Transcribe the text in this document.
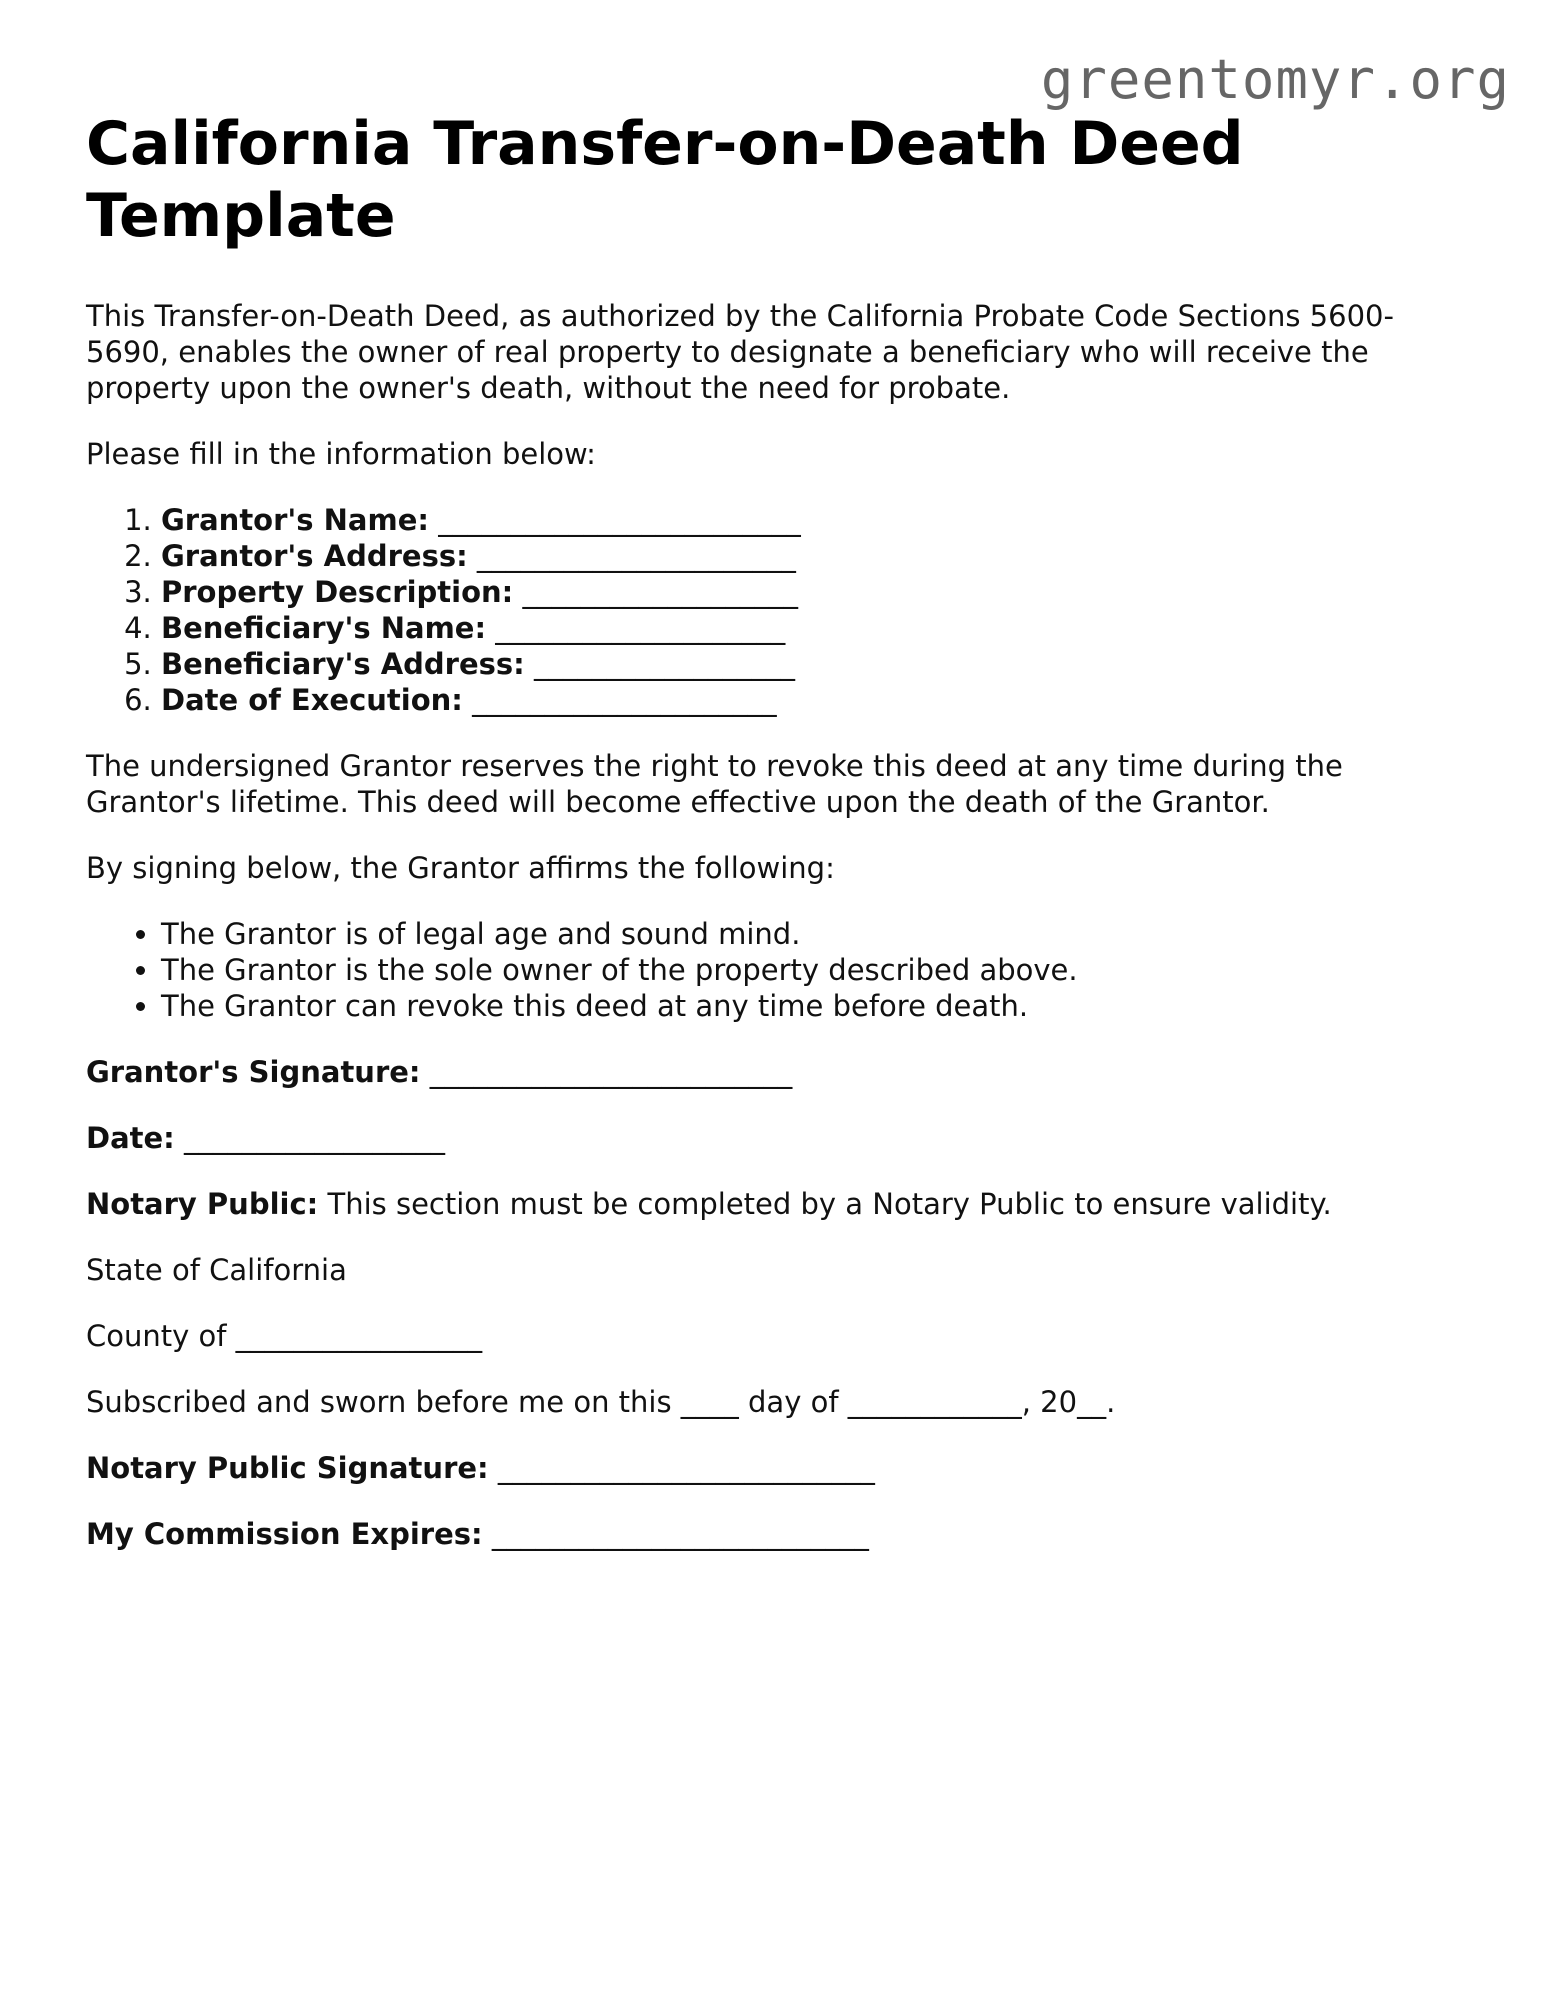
greentomyr.org
California Transfer-on-Death Deed Template

This Transfer-on-Death Deed, as authorized by the California Probate Code Sections 5600-5690, enables the owner of real property to designate a beneficiary who will receive the property upon the owner's death, without the need for probate.

Please fill in the information below:

1. Grantor's Name: _________________________
2. Grantor's Address: ______________________
3. Property Description: ___________________
4. Beneficiary's Name: ____________________
5. Beneficiary's Address: __________________
6. Date of Execution: _____________________

The undersigned Grantor reserves the right to revoke this deed at any time during the Grantor's lifetime. This deed will become effective upon the death of the Grantor.

By signing below, the Grantor affirms the following:

• The Grantor is of legal age and sound mind.
• The Grantor is the sole owner of the property described above.
• The Grantor can revoke this deed at any time before death.

Grantor's Signature: _________________________

Date: __________________

Notary Public: This section must be completed by a Notary Public to ensure validity.

State of California

County of _________________

Subscribed and sworn before me on this ____ day of ____________, 20__.

Notary Public Signature: __________________________

My Commission Expires: __________________________
